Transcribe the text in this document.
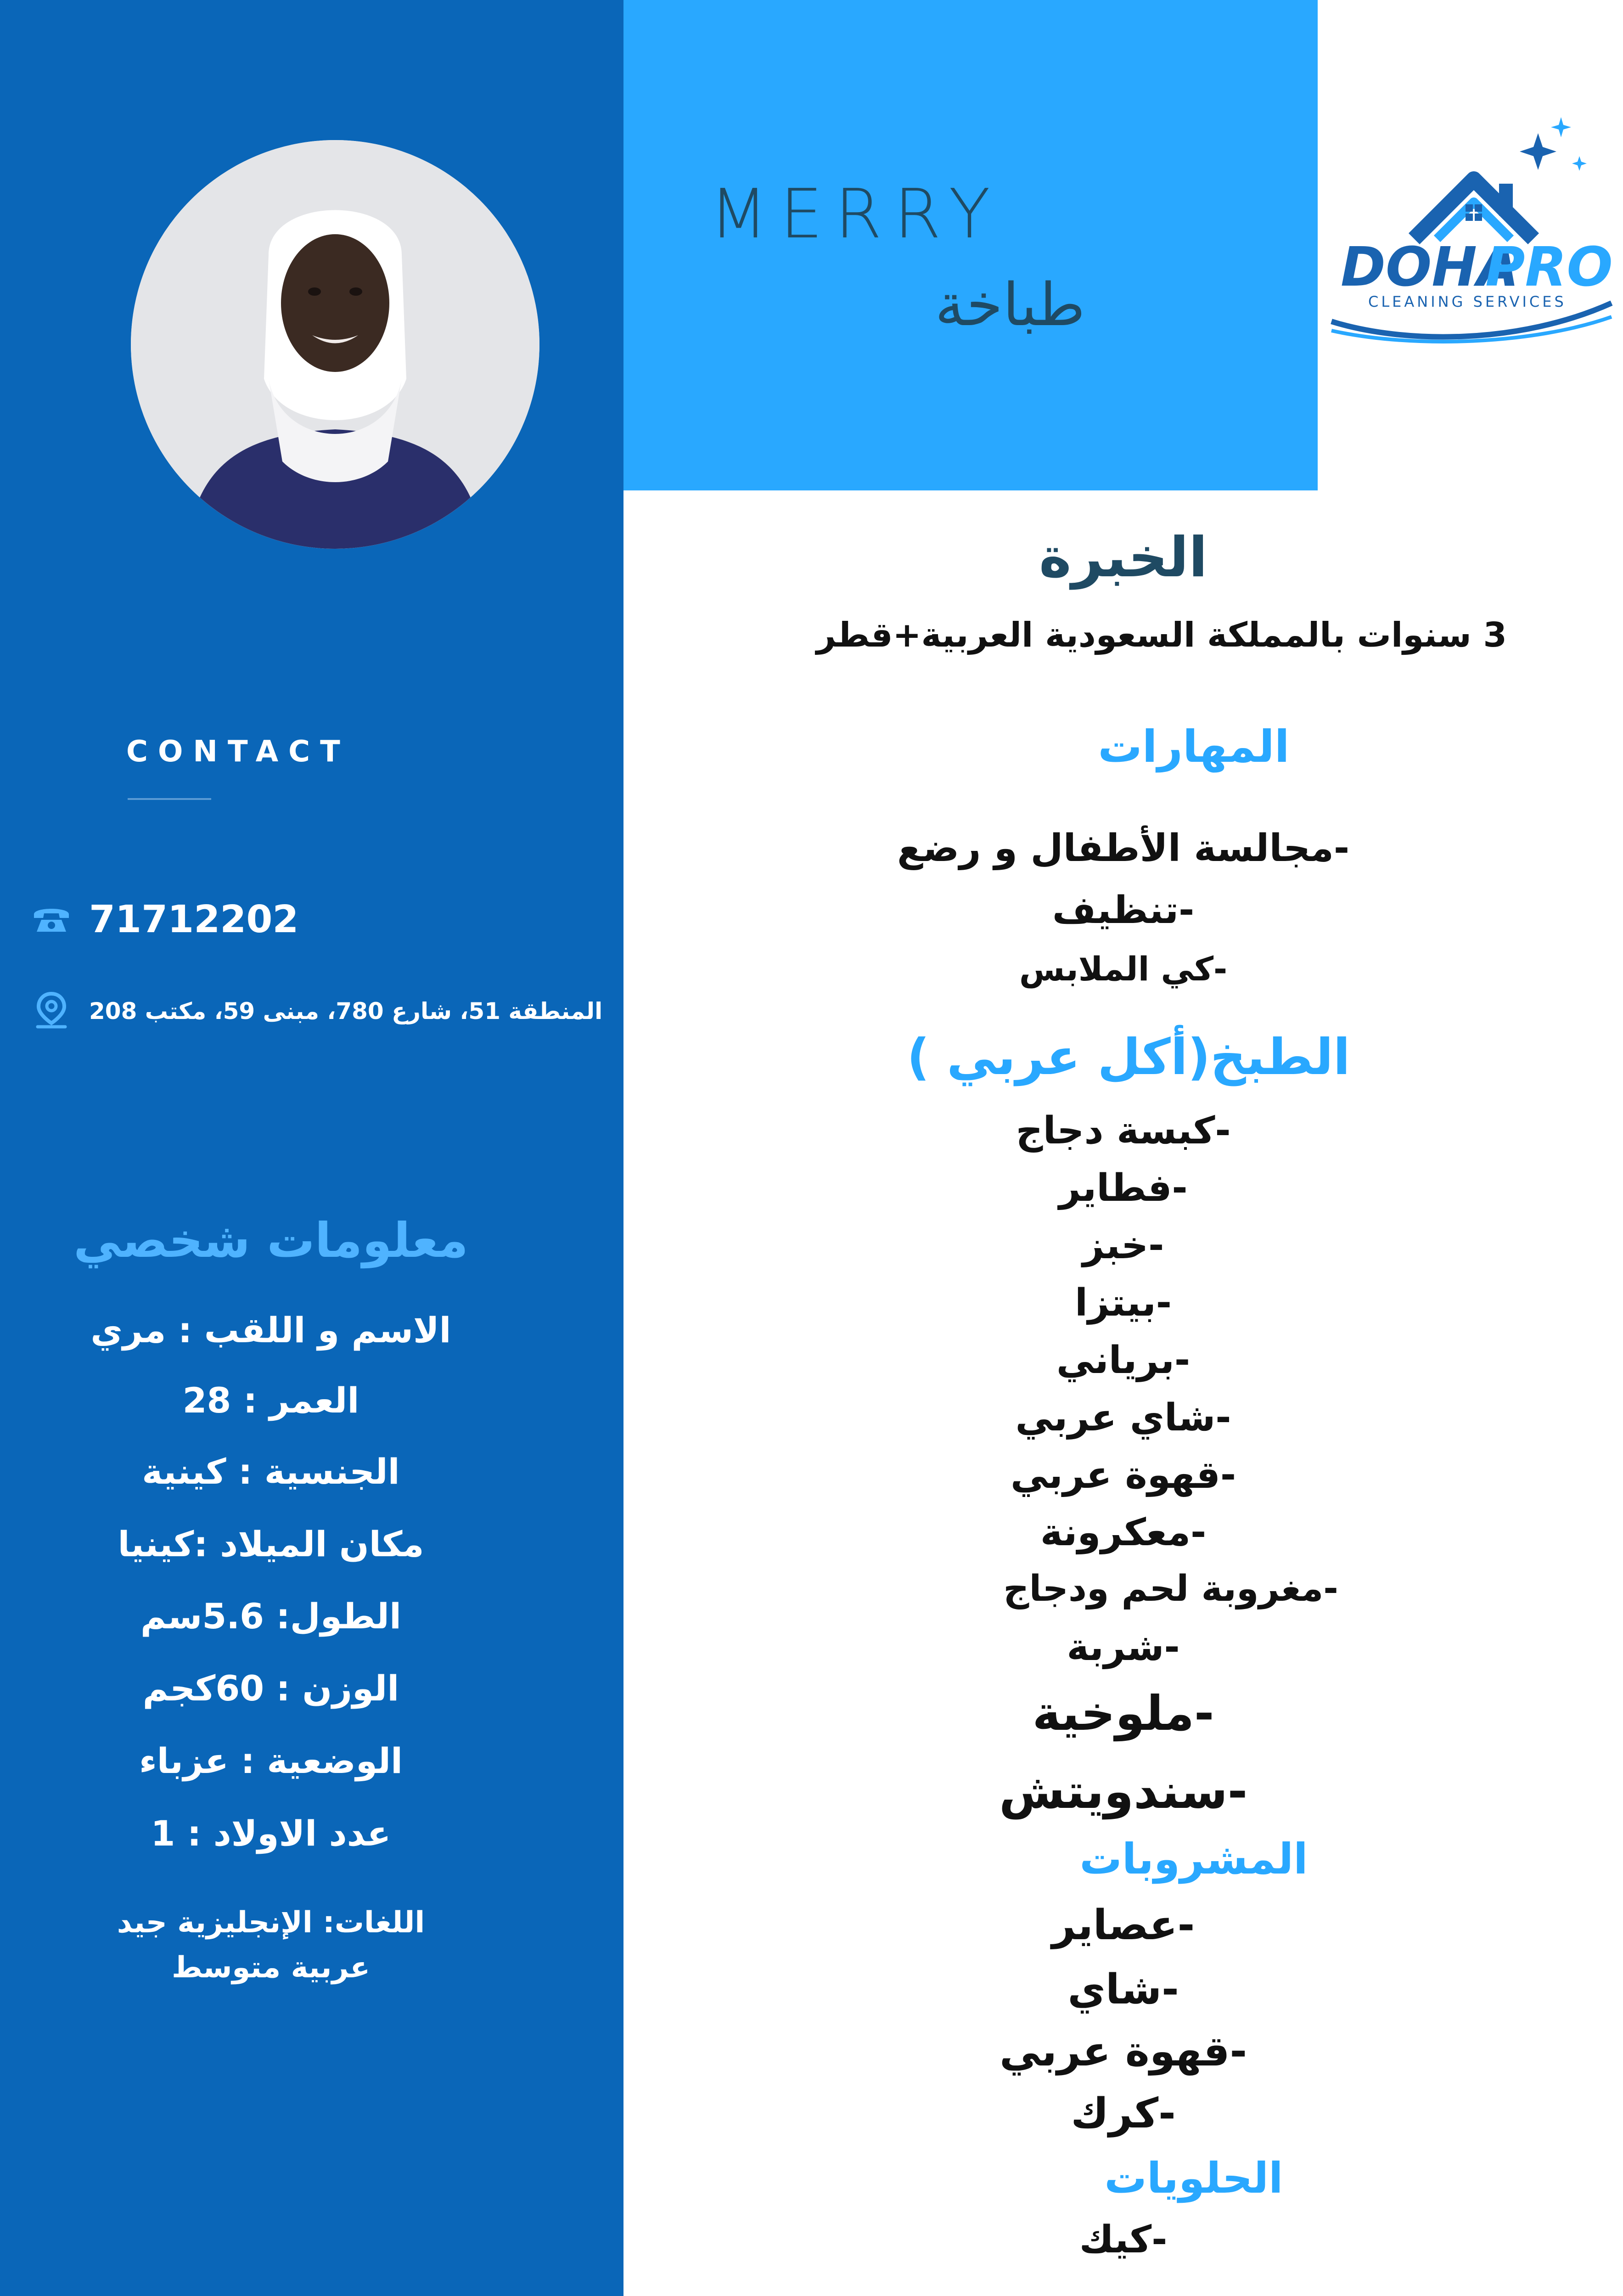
CONTACT
71712202
المنطقة 51، شارع 780، مبنى 59، مكتب 208
معلومات شخصي
الاسم و اللقب : مري
العمر : 28
الجنسية : كينية
مكان الميلاد :كينيا
الطول: 5.6سم
الوزن : 60كجم
الوضعية : عزباء
عدد الاولاد : 1
اللغات: الإنجليزية جيد
عربية متوسط
MERRY
طباخة
DOHA
PRO
CLEANING SERVICES
الخبرة
3 سنوات بالمملكة السعودية العربية+قطر
المهارات
-مجالسة الأطفال و رضع
-تنظيف
-كي الملابس
الطبخ(أكل عربي )
-كبسة دجاج
-فطاير
-خبز
-بيتزا
-برياني
-شاي عربي
-قهوة عربي
-معكرونة
-مغروبة لحم ودجاج
-شربة
-ملوخية
-سندويتش
المشروبات
-عصاير
-شاي
-قهوة عربي
-كرك
الحلويات
-كيك
